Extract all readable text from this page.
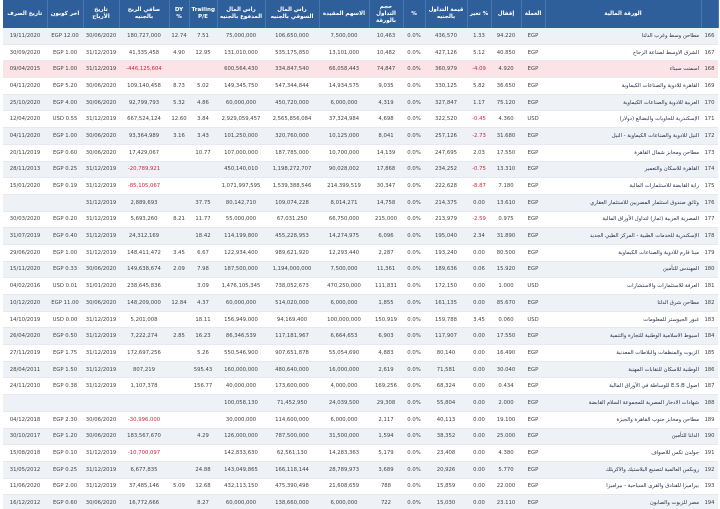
تاريخ الصرف	اخر كوبون	تاريخ الأرباح	صافي الربح بالجنيه	DY %	Trailing P/E	راس المال المدفوع بالجنيه	راس المال السوقي بالجنيه	الاسهم المقيدة	حجم التداول بالورقة	%	قيمة التداول بالجنيه	تغير %	إقفال	العملة	الورقة المالية	
19/11/2020	EGP 12.00	30/06/2020	180,727,000	12.74	7.51	75,000,000	106,650,000	7,500,000	10,463	0.0%	436,570	1.33	94.220	EGP	مطاحن وسط وغرب الدلتا	166
30/09/2020	EGP 1.00	31/12/2019	41,335,458	4.90	12.95	131,010,000	535,175,850	13,101,000	10,482	0.0%	427,126	5.12	40.850	EGP	الشرق الاوسط لصناعة الزجاج	167
09/04/2015	EGP 1.00	31/12/2019	-446,125,604			600,564,430	334,847,540	66,058,443	74,847	0.0%	360,979	-4.09	4.920	EGP	اسمنت سيناء	168
04/11/2020	EGP 5.20	30/06/2020	109,140,458	8.73	5.02	149,345,750	547,344,844	14,934,575	9,035	0.0%	330,125	5.82	36.650	EGP	القاهرة للادوية والصناعات الكيماوية	169
25/10/2020	EGP 4.00	30/06/2020	92,799,793	5.32	4.86	60,000,000	450,720,000	6,000,000	4,319	0.0%	327,847	1.17	75.120	EGP	العربية للادوية والصناعات الكيماوية	170
12/04/2020	USD 0.55	31/12/2019	667,524,124	12.60	3.84	2,929,059,457	2,565,856,084	37,324,984	4,698	0.0%	322,520	-0.45	4.360	USD	الإسكندرية للحاويات والبضائع (دولار)	171
04/11/2020	EGP 1.00	30/06/2020	93,364,989	3.16	3.43	101,250,000	320,760,000	10,125,000	8,041	0.0%	257,126	-2.73	31.680	EGP	النيل للادوية والصناعات الكيماوية - النيل	172
20/11/2019	EGP 0.60	30/06/2020	17,429,067		10.77	107,000,000	187,785,000	10,700,000	14,139	0.0%	247,695	2.03	17.550	EGP	مطاحن ومخابز شمال القاهرة	173
28/11/2013	EGP 0.25	31/12/2019	-20,789,921			450,140,010	1,198,272,707	90,028,002	17,868	0.0%	234,252	-0.75	13.310	EGP	القاهرة للاسكان والتعمير	174
15/01/2020	EGP 0.19	31/12/2019	-85,105,067			1,071,997,595	1,539,388,546	214,399,519	30,347	0.0%	222,628	-8.87	7.180	EGP	راية القابضة للاستثمارات المالية	175
		31/12/2019	2,889,693		37.75	80,142,710	109,074,228	8,014,271	14,758	0.0%	214,375	0.00	13.610	EGP	وثائق صندوق استثمار المصريين للاستثمار العقاري	176
30/03/2020	EGP 0.20	31/12/2019	5,693,260	8.21	11.77	55,000,000	67,031,250	66,750,000	215,000	0.0%	213,979	-2.59	0.975	EGP	المصرية العربية (ثمار) لتداول الأوراق المالية	177
31/07/2019	EGP 0.40	31/12/2019	24,312,169		18.42	114,199,800	455,228,953	14,274,975	6,096	0.0%	195,040	2.34	31.890	EGP	الإسكندرية للخدمات الطبية - المركز الطبي الجديد	178
29/06/2020	EGP 1.00	31/12/2019	148,411,472	3.45	6.67	122,934,400	989,621,920	12,293,440	2,287	0.0%	193,240	0.00	80.500	EGP	مينا فارم للادوية والصناعات الكيماوية	179
15/11/2020	EGP 0.33	30/06/2020	149,638,674	2.09	7.98	187,500,000	1,194,000,000	7,500,000	11,361	0.0%	189,636	0.06	15.920	EGP	المهندس للتأمين	180
04/02/2016	USD 0.01	31/01/2020	238,645,836		3.09	1,476,105,345	738,052,673	470,250,000	111,831	0.0%	172,150	0.00	1.000	USD	العرفة للاستثمارات والاستشارات	181
10/12/2020	EGP 11.00	30/06/2020	148,209,000	12.84	4.37	60,000,000	514,020,000	6,000,000	1,855	0.0%	161,135	0.00	85.670	EGP	مطاحن شرق الدلتا	182
14/10/2019	USD 0.00	31/12/2019	5,201,008		18.11	156,949,000	94,169,400	100,000,000	150,919	0.0%	159,788	3.45	0.060	USD	غبور الجيوستر للمعلومات	183
26/04/2020	EGP 0.50	31/12/2019	7,222,274	2.85	16.23	86,346,539	117,181,967	6,664,653	6,903	0.0%	117,907	0.00	17.550	EGP	اسيوط الاسلامية الوطنية للتجارة والتنمية	184
27/11/2019	EGP 1.75	31/12/2019	172,697,256		5.26	550,546,900	907,651,878	55,054,690	4,883	0.0%	80,140	0.00	16.490	EGP	الزيوت والمنظفات والبلاطات المعدنية	185
28/04/2011	EGP 1.50	31/12/2019	807,219		595.43	160,000,000	480,640,000	16,000,000	2,619	0.0%	71,581	0.00	30.040	EGP	الوطنية للاسكان للنقابات المهنية	186
24/11/2010	EGP 0.38	31/12/2019	1,107,378		156.77	40,000,000	173,600,000	4,000,000	169,256	0.0%	68,324	0.00	0.434	EGP	اصول E.S.B للوساطة في الأوراق المالية	187
						100,058,130	71,452,950	24,039,500	29,308	0.0%	55,804	0.00	2.000	EGP	شهادات الادخار المصرية للمجموعة السلام القابضة	188
04/12/2018	EGP 2.30	30/06/2020	-30,996,000			30,000,000	114,600,000	6,000,000	2,117	0.0%	40,113	0.00	19.100	EGP	مطاحن ومخابز جنوب القاهرة والجيزة	189
30/10/2017	EGP 1.20	30/06/2020	183,567,670		4.29	126,000,000	787,500,000	31,500,000	1,594	0.0%	38,352	0.00	25.000	EGP	الدلتا للتأمين	190
15/08/2018	EGP 0.10	31/12/2019	-10,700,097			142,833,630	62,561,130	14,283,363	5,179	0.0%	23,408	0.00	4.380	EGP	جولدن تكس للاصواف	191
31/05/2012	EGP 0.25	31/12/2019	6,677,835		24.88	143,049,865	166,118,144	28,789,973	3,689	0.0%	20,926	0.00	5.770	EGP	روبكس العالمية لتصنيع البلاستيك والاكريلك	192
11/06/2020	EGP 2.00	31/12/2019	37,485,146	5.09	12.68	432,113,150	475,390,498	21,608,659	788	0.0%	15,859	0.00	22.000	EGP	بيراميزا للفنادق والقرى السياحية - بيراميزا	193
16/12/2012	EGP 0.60	30/06/2020	16,772,666		8.27	60,000,000	138,660,000	6,000,000	722	0.0%	15,030	0.00	23.110	EGP	مصر للزيوت والصابون	194
